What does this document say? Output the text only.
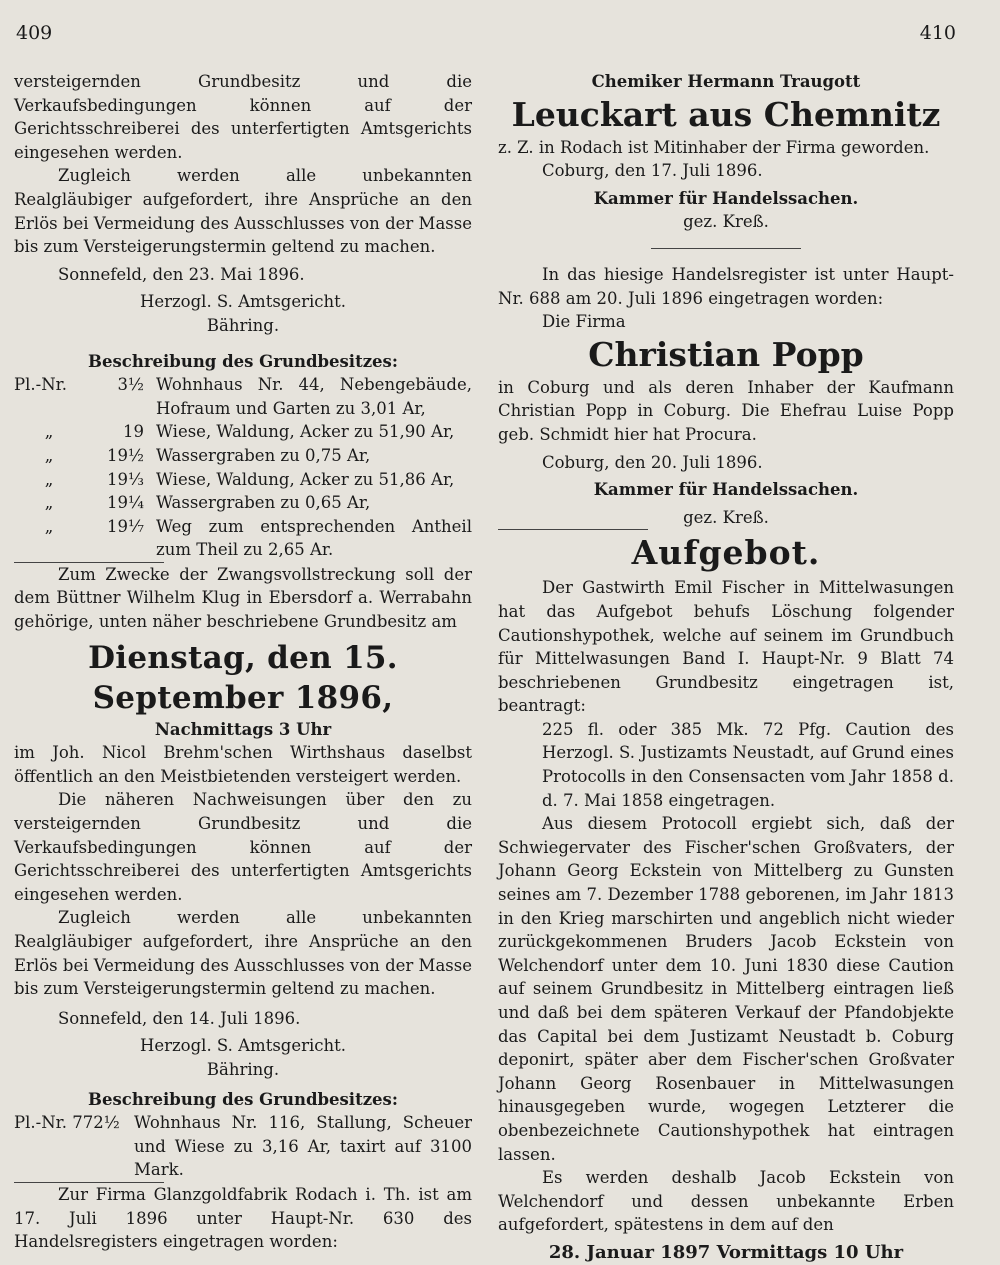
409	410
versteigernden Grundbesitz und die Verkaufsbedingungen können auf der Gerichtsschreiberei des unterfertigten Amtsgerichts eingesehen werden.
Zugleich werden alle unbekannten Realgläubiger aufgefordert, ihre Ansprüche an den Erlös bei Vermeidung des Ausschlusses von der Masse bis zum Versteigerungstermin geltend zu machen.
Sonnefeld, den 23. Mai 1896.
Herzogl. S. Amtsgericht.
Bähring.
Beschreibung des Grundbesitzes:
Pl.-Nr.	3½	Wohnhaus Nr. 44, Nebengebäude, Hofraum und Garten zu 3,01 Ar,
„	19	Wiese, Waldung, Acker zu 51,90 Ar,
„	19½	Wassergraben zu 0,75 Ar,
„	19⅓	Wiese, Waldung, Acker zu 51,86 Ar,
„	19¼	Wassergraben zu 0,65 Ar,
„	19⅐	Weg zum entsprechenden Antheil zum Theil zu 2,65 Ar.
Zum Zwecke der Zwangsvollstreckung soll der dem Büttner Wilhelm Klug in Ebersdorf a. Werrabahn gehörige, unten näher beschriebene Grundbesitz am
Dienstag, den 15. September 1896,
Nachmittags 3 Uhr
im Joh. Nicol Brehm'schen Wirthshaus daselbst öffentlich an den Meistbietenden versteigert werden.
Die näheren Nachweisungen über den zu versteigernden Grundbesitz und die Verkaufsbedingungen können auf der Gerichtsschreiberei des unterfertigten Amtsgerichts eingesehen werden.
Zugleich werden alle unbekannten Realgläubiger aufgefordert, ihre Ansprüche an den Erlös bei Vermeidung des Ausschlusses von der Masse bis zum Versteigerungstermin geltend zu machen.
Sonnefeld, den 14. Juli 1896.
Herzogl. S. Amtsgericht.
Bähring.
Beschreibung des Grundbesitzes:
Pl.-Nr. 772½	Wohnhaus Nr. 116, Stallung, Scheuer und Wiese zu 3,16 Ar, taxirt auf 3100 Mark.
Zur Firma Glanzgoldfabrik Rodach i. Th. ist am 17. Juli 1896 unter Haupt-Nr. 630 des Handelsregisters eingetragen worden:
Chemiker Hermann Traugott
Leuckart aus Chemnitz
z. Z. in Rodach ist Mitinhaber der Firma geworden.
Coburg, den 17. Juli 1896.
Kammer für Handelssachen.
gez. Kreß.
In das hiesige Handelsregister ist unter Haupt-Nr. 688 am 20. Juli 1896 eingetragen worden:
Die Firma
Christian Popp
in Coburg und als deren Inhaber der Kaufmann Christian Popp in Coburg. Die Ehefrau Luise Popp geb. Schmidt hier hat Procura.
Coburg, den 20. Juli 1896.
Kammer für Handelssachen.
gez. Kreß.
Aufgebot.
Der Gastwirth Emil Fischer in Mittelwasungen hat das Aufgebot behufs Löschung folgender Cautionshypothek, welche auf seinem im Grundbuch für Mittelwasungen Band I. Haupt-Nr. 9 Blatt 74 beschriebenen Grundbesitz eingetragen ist, beantragt:
225 fl. oder 385 Mk. 72 Pfg. Caution des Herzogl. S. Justizamts Neustadt, auf Grund eines Protocolls in den Consensacten vom Jahr 1858 d. d. 7. Mai 1858 eingetragen.
Aus diesem Protocoll ergiebt sich, daß der Schwiegervater des Fischer'schen Großvaters, der Johann Georg Eckstein von Mittelberg zu Gunsten seines am 7. Dezember 1788 geborenen, im Jahr 1813 in den Krieg marschirten und angeblich nicht wieder zurückgekommenen Bruders Jacob Eckstein von Welchendorf unter dem 10. Juni 1830 diese Caution auf seinem Grundbesitz in Mittelberg eintragen ließ und daß bei dem späteren Verkauf der Pfandobjekte das Capital bei dem Justizamt Neustadt b. Coburg deponirt, später aber dem Fischer'schen Großvater Johann Georg Rosenbauer in Mittelwasungen hinausgegeben wurde, wogegen Letzterer die obenbezeichnete Cautionshypothek hat eintragen lassen.
Es werden deshalb Jacob Eckstein von Welchendorf und dessen unbekannte Erben aufgefordert, spätestens in dem auf den
28. Januar 1897 Vormittags 10 Uhr
